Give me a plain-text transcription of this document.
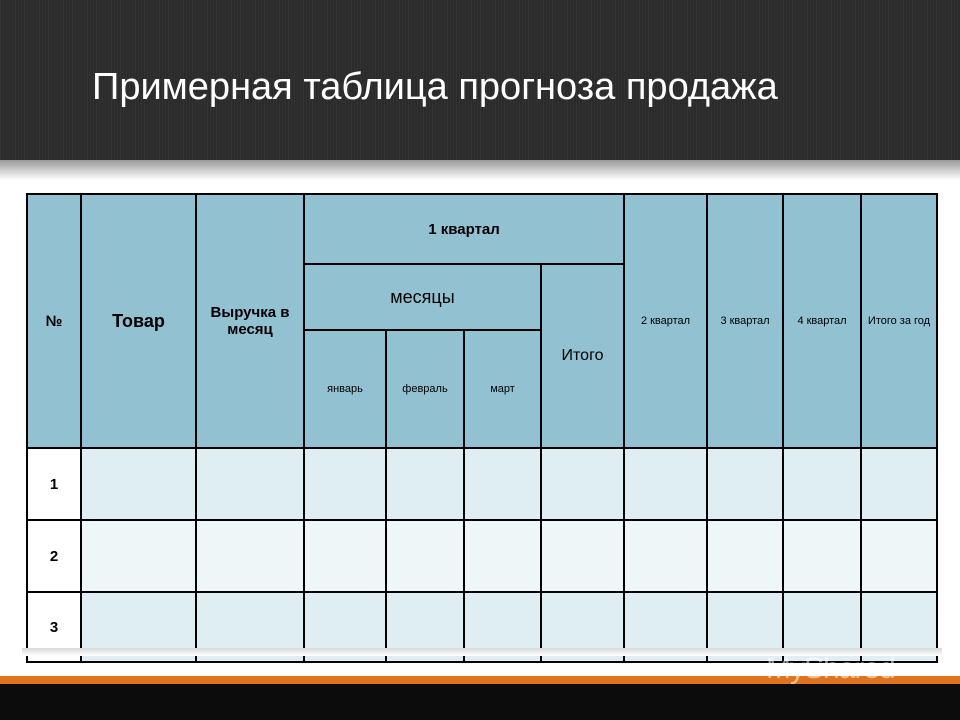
Примерная таблица прогноза продажа
№	Товар	Выручка в месяц	1 квартал				2 квартал	3 квартал	4 квартал	Итого за год
			месяцы			Итого				
			январь	февраль	март					
1										
2										
3										
MyShared
